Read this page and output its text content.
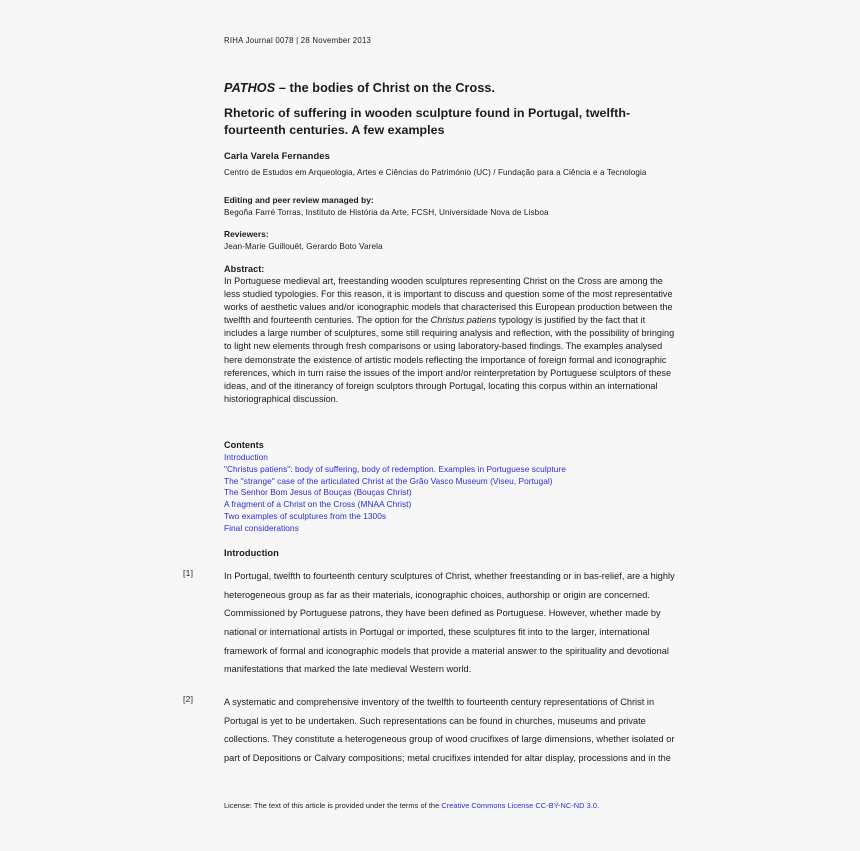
RIHA Journal 0078 | 28 November 2013
PATHOS – the bodies of Christ on the Cross.
Rhetoric of suffering in wooden sculpture found in Portugal, twelfth-fourteenth centuries. A few examples
Carla Varela Fernandes
Centro de Estudos em Arqueologia, Artes e Ciências do Património (UC) / Fundação para a Ciência e a Tecnologia
Editing and peer review managed by:
Begoña Farré Torras, Instituto de História da Arte, FCSH, Universidade Nova de Lisboa
Reviewers:
Jean-Marie Guillouët, Gerardo Boto Varela
Abstract:
In Portuguese medieval art, freestanding wooden sculptures representing Christ on the Cross are among the less studied typologies. For this reason, it is important to discuss and question some of the most representative works of aesthetic values and/or iconographic models that characterised this European production between the twelfth and fourteenth centuries. The option for the Christus patiens typology is justified by the fact that it includes a large number of sculptures, some still requiring analysis and reflection, with the possibility of bringing to light new elements through fresh comparisons or using laboratory-based findings. The examples analysed here demonstrate the existence of artistic models reflecting the importance of foreign formal and iconographic references, which in turn raise the issues of the import and/or reinterpretation by Portuguese sculptors of these ideas, and of the itinerancy of foreign sculptors through Portugal, locating this corpus within an international historiographical discussion.
Contents
Introduction
"Christus patiens": body of suffering, body of redemption. Examples in Portuguese sculpture
The "strange" case of the articulated Christ at the Grão Vasco Museum (Viseu, Portugal)
The Senhor Bom Jesus of Bouças (Bouças Christ)
A fragment of a Christ on the Cross (MNAA Christ)
Two examples of sculptures from the 1300s
Final considerations
Introduction
[1]	In Portugal, twelfth to fourteenth century sculptures of Christ, whether freestanding or in bas-relief, are a highly heterogeneous group as far as their materials, iconographic choices, authorship or origin are concerned. Commissioned by Portuguese patrons, they have been defined as Portuguese. However, whether made by national or international artists in Portugal or imported, these sculptures fit into to the larger, international framework of formal and iconographic models that provide a material answer to the spirituality and devotional manifestations that marked the late medieval Western world.
[2]	A systematic and comprehensive inventory of the twelfth to fourteenth century representations of Christ in Portugal is yet to be undertaken. Such representations can be found in churches, museums and private collections. They constitute a heterogeneous group of wood crucifixes of large dimensions, whether isolated or part of Depositions or Calvary compositions; metal crucifixes intended for altar display, processions and in the
License: The text of this article is provided under the terms of the Creative Commons License CC-BY-NC-ND 3.0.
